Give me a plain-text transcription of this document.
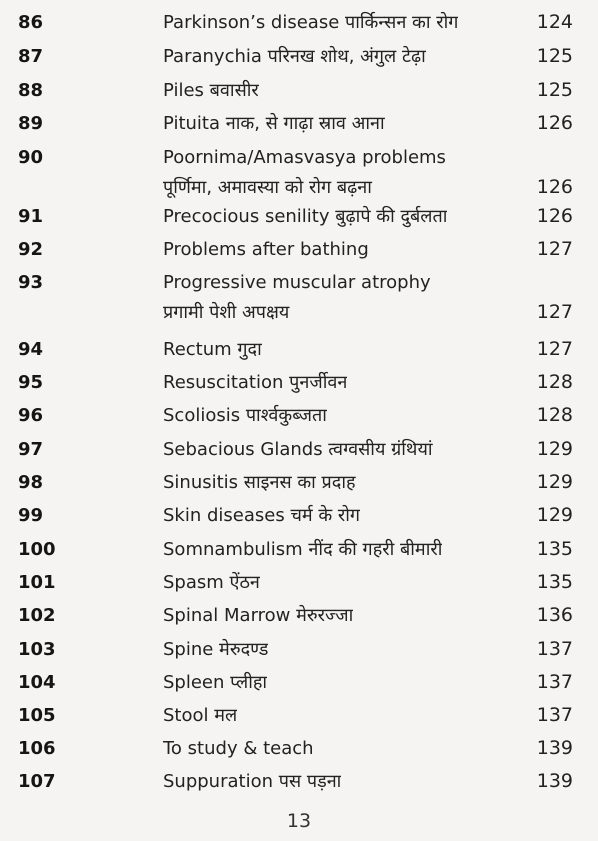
86	Parkinson’s disease पार्किन्सन का रोग	124
87	Paranychia परिनख शोथ, अंगुल टेढ़ा	125
88	Piles बवासीर	125
89	Pituita नाक, से गाढ़ा स्राव आना	126
90	Poornima/Amasvasya problems
पूर्णिमा, अमावस्या को रोग बढ़ना	126
91	Precocious senility बुढ़ापे की दुर्बलता	126
92	Problems after bathing	127
93	Progressive muscular atrophy
प्रगामी पेशी अपक्षय	127
94	Rectum गुदा	127
95	Resuscitation पुनर्जीवन	128
96	Scoliosis पार्श्वकुब्जता	128
97	Sebacious Glands त्वग्वसीय ग्रंथियां	129
98	Sinusitis साइनस का प्रदाह	129
99	Skin diseases चर्म के रोग	129
100	Somnambulism नींद की गहरी बीमारी	135
101	Spasm ऐंठन	135
102	Spinal Marrow मेरुरज्जा	136
103	Spine मेरुदण्ड	137
104	Spleen प्लीहा	137
105	Stool मल	137
106	To study & teach	139
107	Suppuration पस पड़ना	139
13
